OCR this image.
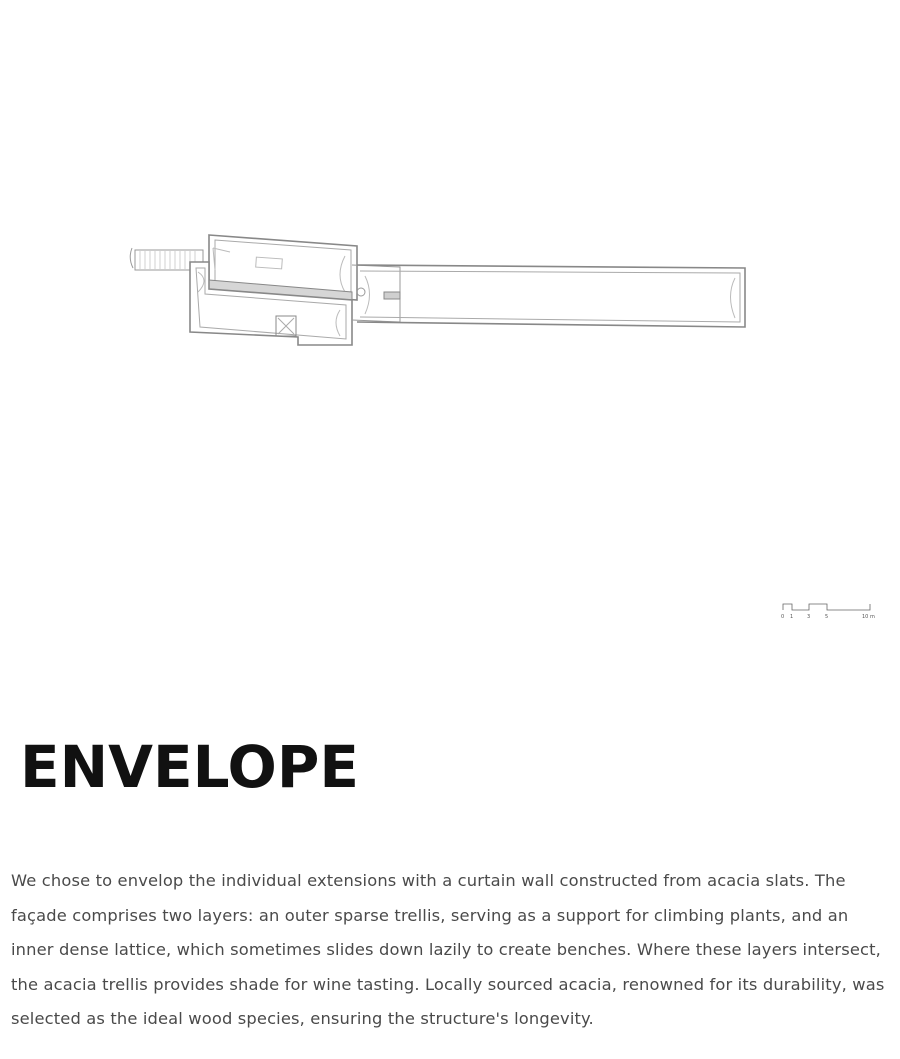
0 1	3	5	10 m
ENVELOPE

We chose to envelop the individual extensions with a curtain wall constructed from acacia slats. The façade comprises two layers: an outer sparse trellis, serving as a support for climbing plants, and an inner dense lattice, which sometimes slides down lazily to create benches. Where these layers intersect, the acacia trellis provides shade for wine tasting. Locally sourced acacia, renowned for its durability, was selected as the ideal wood species, ensuring the structure's longevity.
